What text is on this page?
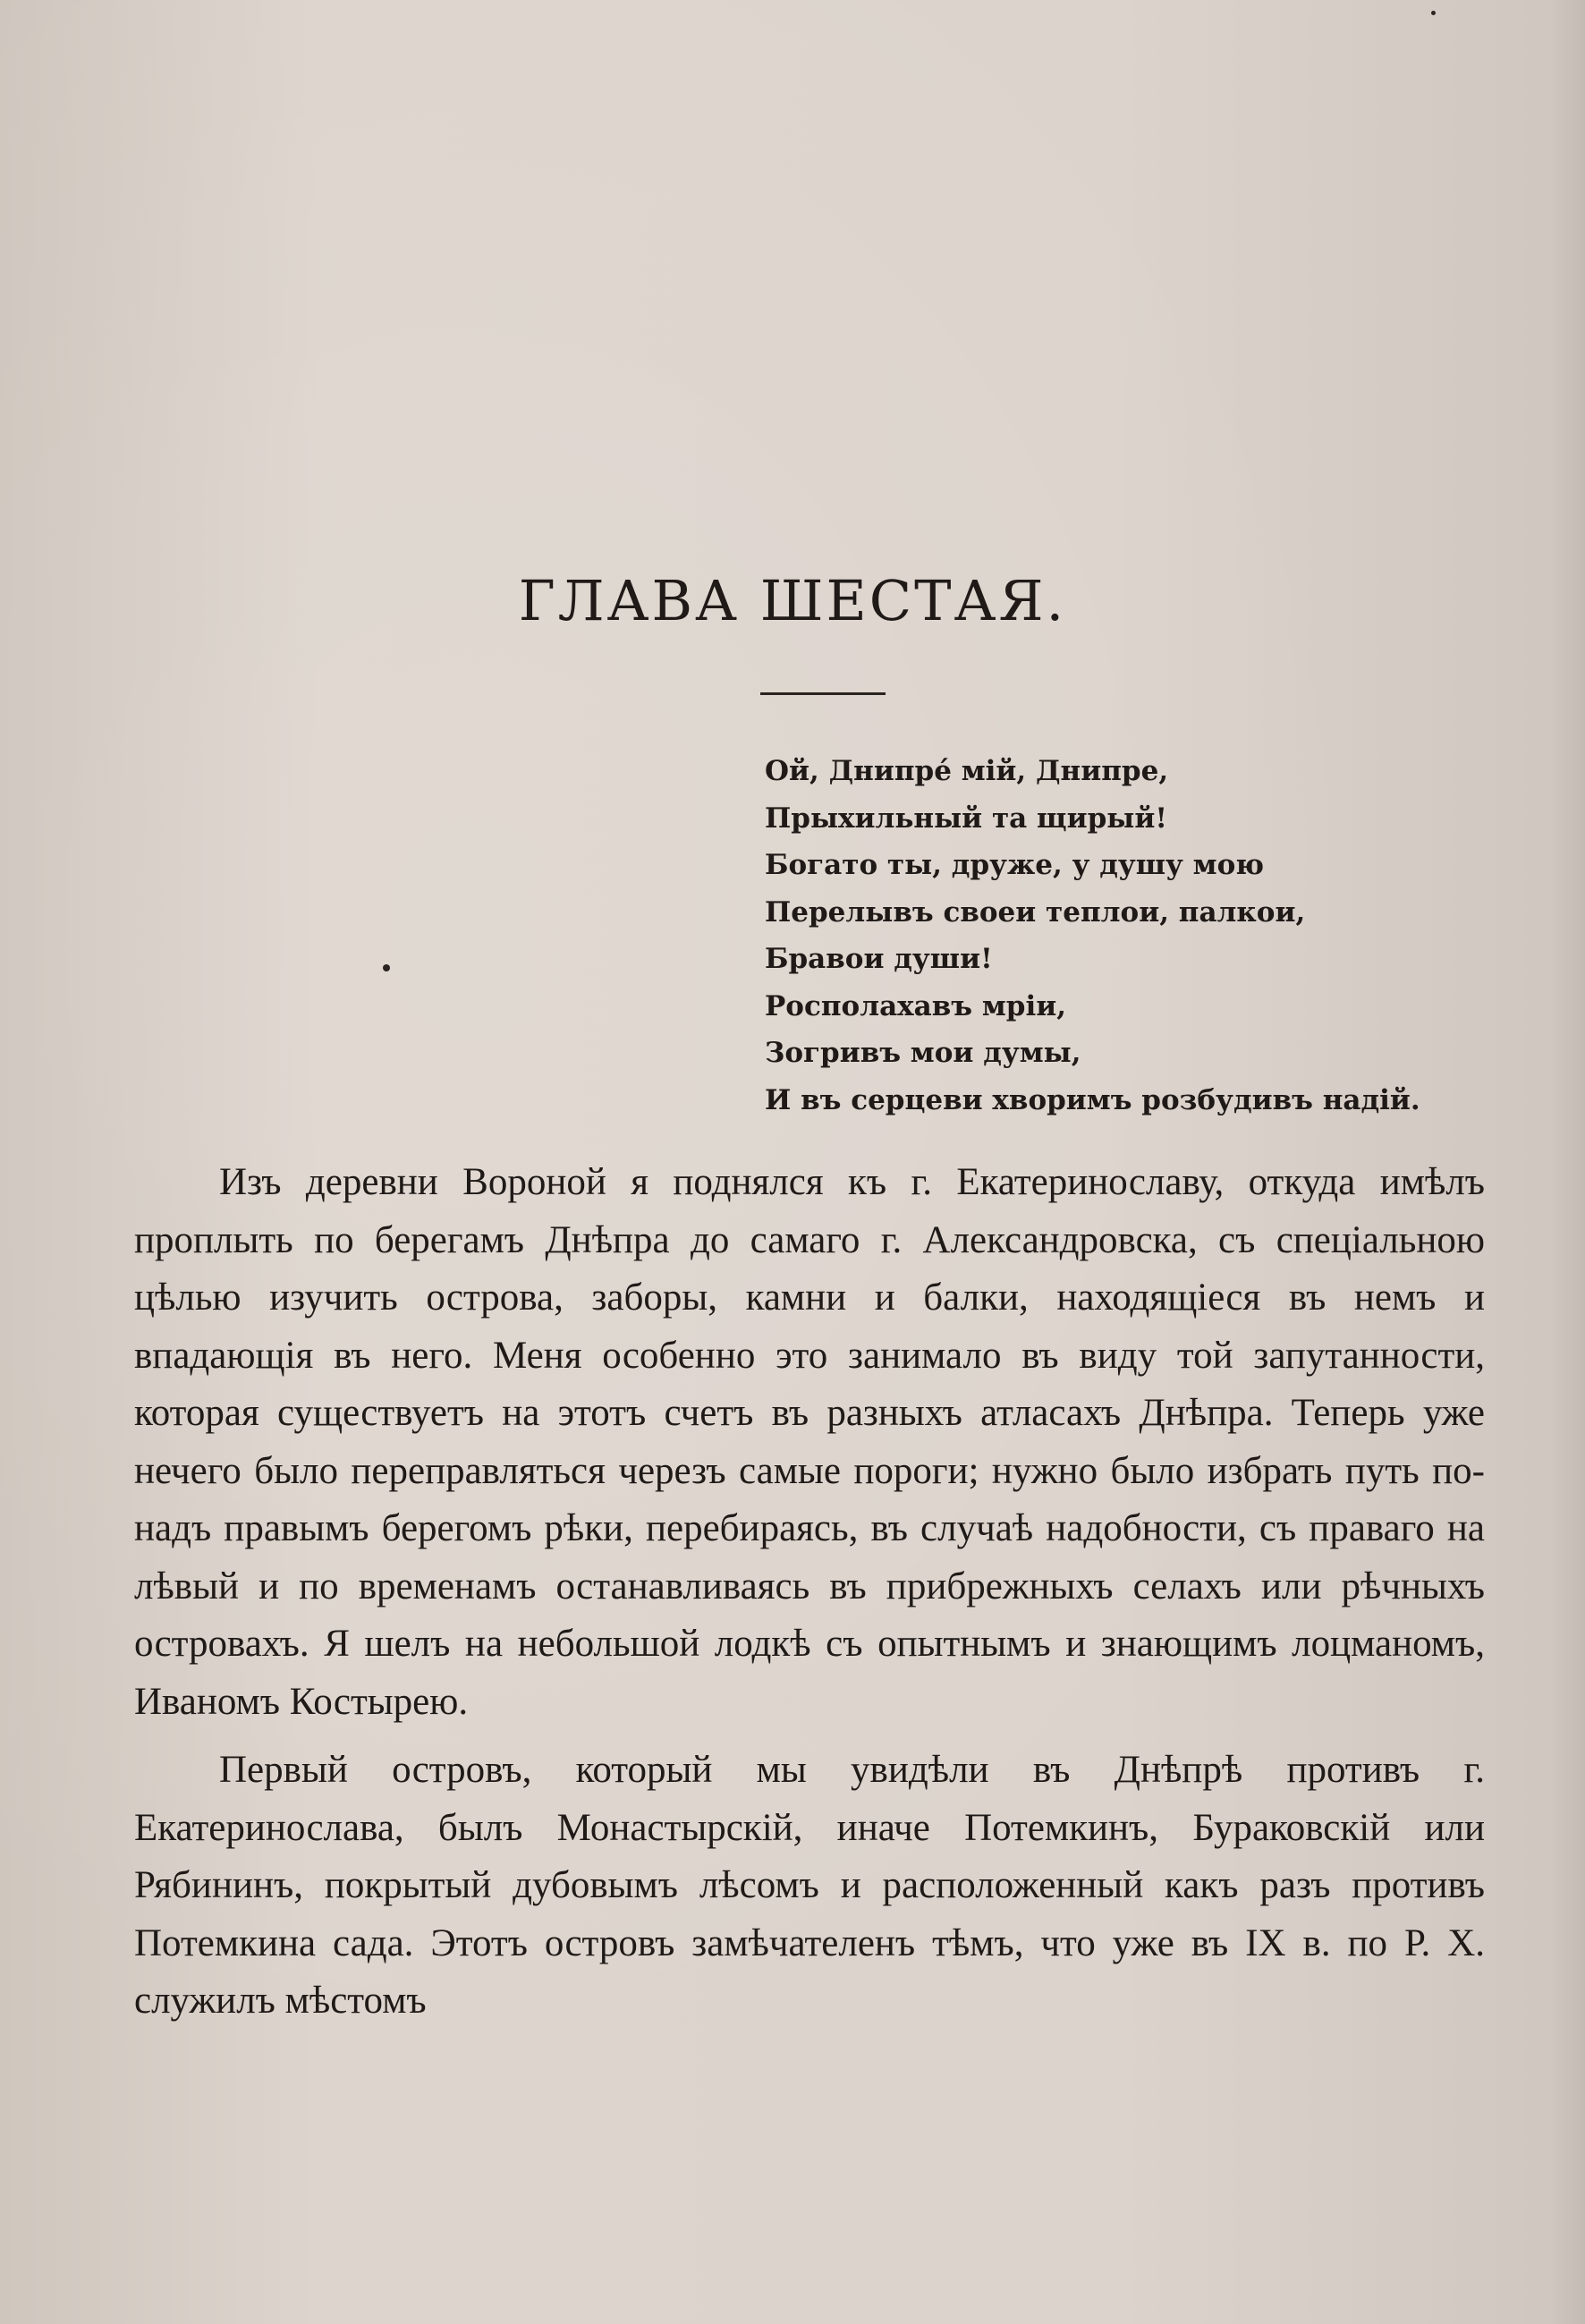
ГЛАВА ШЕСТАЯ.
Ой, Днипрé мій, Днипре,
Прыхильный та щирый!
Богато ты, друже, у душу мою
Перелывъ своеи теплои, палкои,
Бравои души!
Росполахавъ мріи,
Зогривъ мои думы,
И въ серцеви хворимъ розбудивъ надій.

Изъ деревни Вороной я поднялся къ г. Екатеринославу, откуда имѣлъ проплыть по берегамъ Днѣпра до самаго г. Александровска, съ спеціальною цѣлью изучить острова, заборы, камни и балки, находящіеся въ немъ и впадающія въ него. Меня особенно это занимало въ виду той запутанности, которая существуетъ на этотъ счетъ въ разныхъ атласахъ Днѣпра. Теперь уже нечего было переправляться черезъ самые пороги; нужно было избрать путь по-надъ правымъ берегомъ рѣки, перебираясь, въ случаѣ надобности, съ праваго на лѣвый и по временамъ останавливаясь въ прибрежныхъ селахъ или рѣчныхъ островахъ. Я шелъ на небольшой лодкѣ съ опытнымъ и знающимъ лоцманомъ, Иваномъ Костырею.

Первый островъ, который мы увидѣли въ Днѣпрѣ противъ г. Екатеринослава, былъ Монастырскій, иначе Потемкинъ, Бураковскій или Рябининъ, покрытый дубовымъ лѣсомъ и расположенный какъ разъ противъ Потемкина сада. Этотъ островъ замѣчателенъ тѣмъ, что уже въ IX в. по Р. Х. служилъ мѣстомъ
